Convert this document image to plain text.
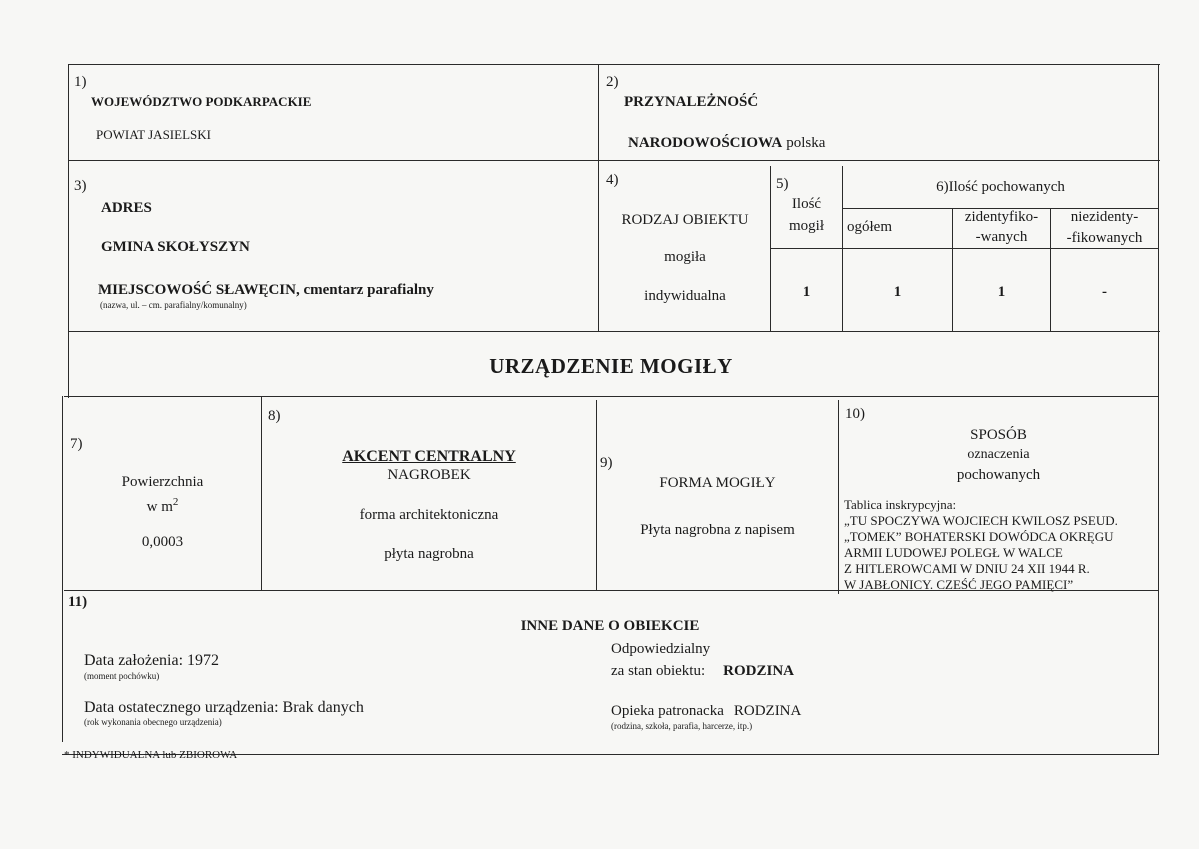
1)
WOJEWÓDZTWO PODKARPACKIE
POWIAT JASIELSKI
2)
PRZYNALEŻNOŚĆ
NARODOWOŚCIOWA polska
3)
ADRES
GMINA SKOŁYSZYN
MIEJSCOWOŚĆ SŁAWĘCIN, cmentarz parafialny
(nazwa, ul. – cm. parafialny/komunalny)
4)
RODZAJ OBIEKTU
mogiła
indywidualna
5)
Ilość
mogił
1
6)Ilość pochowanych
ogółem
zidentyfiko-
-wanych
niezidenty-
-fikowanych
1	1	-
URZĄDZENIE MOGIŁY
7)
Powierzchnia
w $m^2$
0,0003
8)
AKCENT CENTRALNY
NAGROBEK
forma architektoniczna
płyta nagrobna
9)
FORMA MOGIŁY
Płyta nagrobna z napisem
10)
SPOSÓB
oznaczenia
pochowanych
Tablica inskrypcyjna:
„TU SPOCZYWA WOJCIECH KWILOSZ PSEUD.
„TOMEK” BOHATERSKI DOWÓDCA OKRĘGU
ARMII LUDOWEJ POLEGŁ W WALCE
Z HITLEROWCAMI W DNIU 24 XII 1944 R.
W JABŁONICY. CZEŚĆ JEGO PAMIĘCI”
11)
INNE DANE O OBIEKCIE
Data założenia: 1972
(moment pochówku)
Data ostatecznego urządzenia: Brak danych
(rok wykonania obecnego urządzenia)
Odpowiedzialny
za stan obiektu: RODZINA
Opieka patronacka RODZINA
(rodzina, szkoła, parafia, harcerze, itp.)
* INDYWIDUALNA lub ZBIOROWA
